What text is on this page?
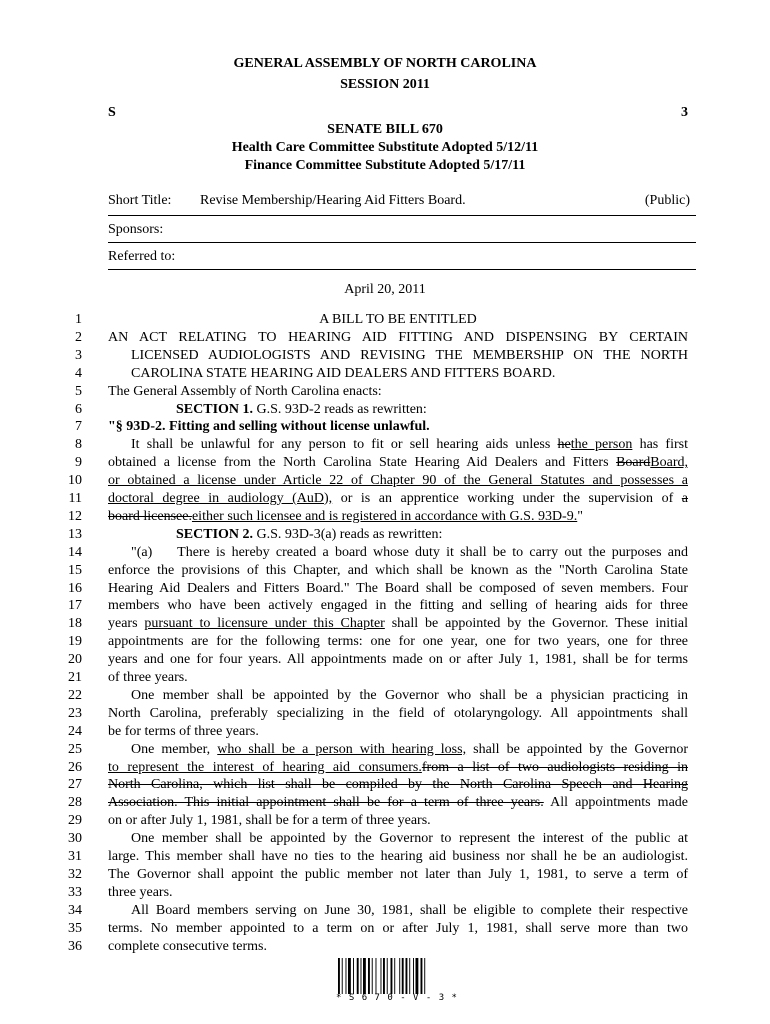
GENERAL ASSEMBLY OF NORTH CAROLINA
SESSION 2011
S	3
SENATE BILL 670
Health Care Committee Substitute Adopted 5/12/11
Finance Committee Substitute Adopted 5/17/11
Short Title: Revise Membership/Hearing Aid Fitters Board.	(Public)
Sponsors:
Referred to:
April 20, 2011
1	A BILL TO BE ENTITLED
2 AN ACT RELATING TO HEARING AID FITTING AND DISPENSING BY CERTAIN
3	LICENSED AUDIOLOGISTS AND REVISING THE MEMBERSHIP ON THE NORTH
4	CAROLINA STATE HEARING AID DEALERS AND FITTERS BOARD.
5 The General Assembly of North Carolina enacts:
6	SECTION 1. G.S. 93D-2 reads as rewritten:
7 "§ 93D-2. Fitting and selling without license unlawful.
8	It shall be unlawful for any person to fit or sell hearing aids unless hethe person has first
9 obtained a license from the North Carolina State Hearing Aid Dealers and Fitters BoardBoard,
10 or obtained a license under Article 22 of Chapter 90 of the General Statutes and possesses a
11 doctoral degree in audiology (AuD), or is an apprentice working under the supervision of a
12 board licensee.either such licensee and is registered in accordance with G.S. 93D-9."
13	SECTION 2. G.S. 93D-3(a) reads as rewritten:
14	"(a)    There is hereby created a board whose duty it shall be to carry out the purposes and
15 enforce the provisions of this Chapter, and which shall be known as the "North Carolina State
16 Hearing Aid Dealers and Fitters Board." The Board shall be composed of seven members. Four
17 members who have been actively engaged in the fitting and selling of hearing aids for three
18 years pursuant to licensure under this Chapter shall be appointed by the Governor. These initial
19 appointments are for the following terms: one for one year, one for two years, one for three
20 years and one for four years. All appointments made on or after July 1, 1981, shall be for terms
21 of three years.
22	One member shall be appointed by the Governor who shall be a physician practicing in
23 North Carolina, preferably specializing in the field of otolaryngology. All appointments shall
24 be for terms of three years.
25	One member, who shall be a person with hearing loss, shall be appointed by the Governor
26 to represent the interest of hearing aid consumers.from a list of two audiologists residing in
27 North Carolina, which list shall be compiled by the North Carolina Speech and Hearing
28 Association. This initial appointment shall be for a term of three years. All appointments made
29 on or after July 1, 1981, shall be for a term of three years.
30	One member shall be appointed by the Governor to represent the interest of the public at
31 large. This member shall have no ties to the hearing aid business nor shall he be an audiologist.
32 The Governor shall appoint the public member not later than July 1, 1981, to serve a term of
33 three years.
34	All Board members serving on June 30, 1981, shall be eligible to complete their respective
35 terms. No member appointed to a term on or after July 1, 1981, shall serve more than two
36 complete consecutive terms.
* S 6 7 0 - V - 3 *
